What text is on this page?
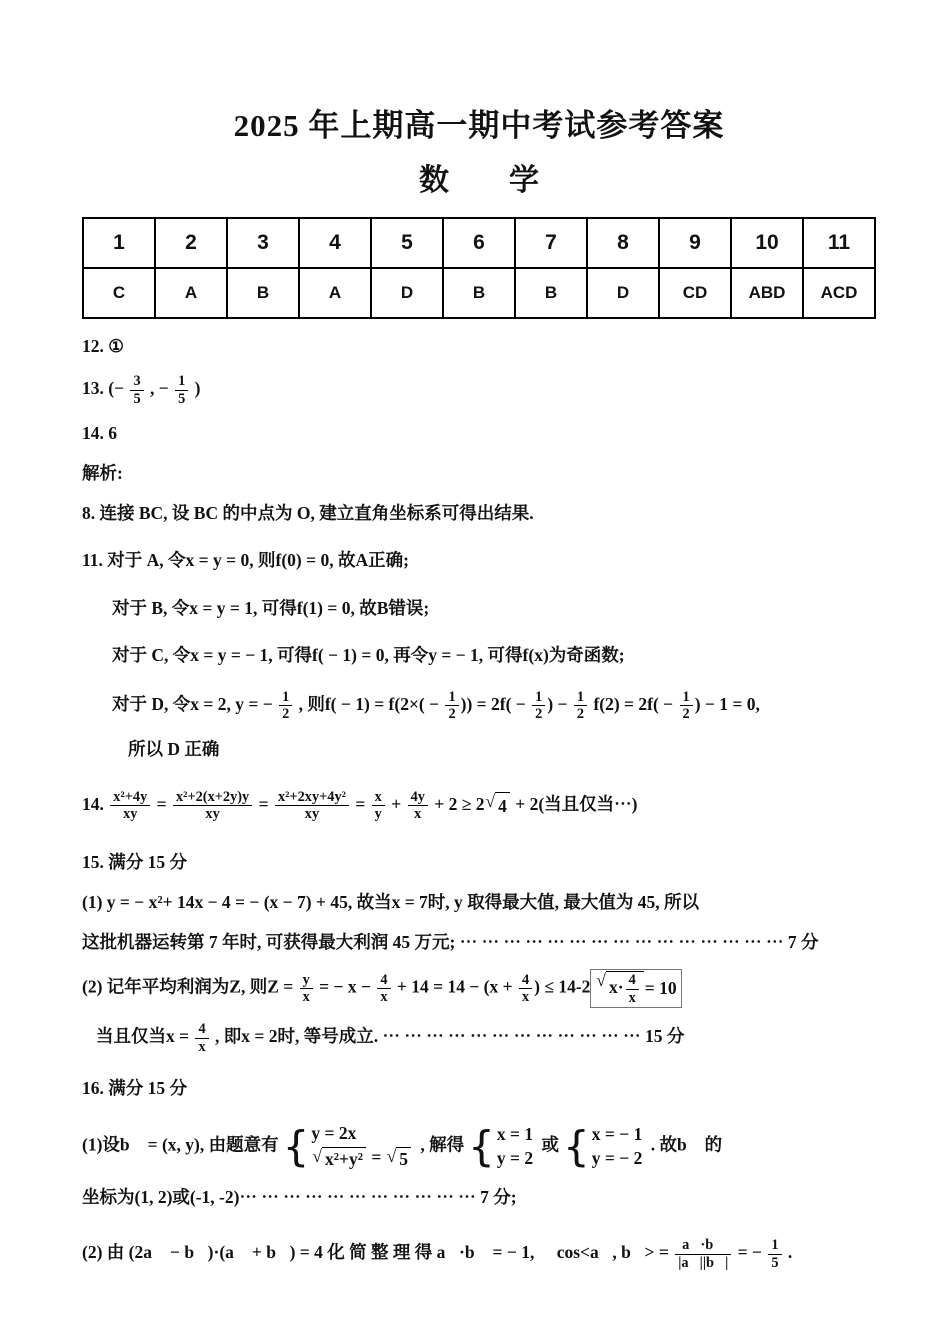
2025 年上期高一期中考试参考答案
数　　学
1	2	3	4	5	6	7	8	9	10	11
C	A	B	A	D	B	B	D	CD	ABD	ACD

12. ①

13. (− $\frac{3}{5}$ , − $\frac{1}{5}$ )

14. 6

解析:

8. 连接 BC, 设 BC 的中点为 O, 建立直角坐标系可得出结果.

11. 对于 A, 令x = y = 0, 则f(0) = 0, 故A正确;

对于 B, 令x = y = 1, 可得f(1) = 0, 故B错误;

对于 C, 令x = y = − 1, 可得f( − 1) = 0, 再令y = − 1, 可得f(x)为奇函数;

对于 D, 令x = 2, y = − $\frac{1}{2}$ , 则$f( - 1) = f(2\times( - \frac{1}{2}$ )) = $2f( - \frac{1}{2}$ ) − $\frac{1}{2} f(2) = 2f( - \frac{1}{2}$ ) − 1 = 0,

所以 D 正确

14. $\frac{\text{x²+4y}}{xy} = \frac{\text{x²+2(x+2y)y}}{xy} = \frac{\text{x²+2xy+4y²}}{xy} = \frac{x}{y} + \frac{4y}{x} + 2 \ge 2$ √ 4 + 2(当且仅当⋯)

15. 满分 15 分

(1) y = − x²+ 14x − 4 = − (x − 7) + 45, 故当x = 7时, y 取得最大值, 最大值为 45, 所以

这批机器运转第 7 年时, 可获得最大利润 45 万元; ⋯ ⋯ ⋯ ⋯ ⋯ ⋯ ⋯ ⋯ ⋯ ⋯ ⋯ ⋯ ⋯ ⋯ ⋯ 7 分

(2) 记年平均利润为Z, 则$Z = \frac{y}{x}$ = − $x - \frac{4}{x} + 14 = 14 - (x + \frac{4}{x}$ ) ≤ 14-2 √ $x\cdot \frac{4}{x} = 10$

当且仅当$x = \frac{4}{x}$ , 即x = 2时, 等号成立. ⋯ ⋯ ⋯ ⋯ ⋯ ⋯ ⋯ ⋯ ⋯ ⋯ ⋯ ⋯ 15 分

16. 满分 15 分

(1)设b⃗ = (x, y), 由题意有 { y = 2x
√ x²+y² = √ 5
, 解得 { x = 1
y = 2
或 { x = − 1
y = − 2
. 故b⃗ 的

坐标为(1, 2)或(-1, -2)⋯ ⋯ ⋯ ⋯ ⋯ ⋯ ⋯ ⋯ ⋯ ⋯ ⋯ 7 分;

(2) 由 (2a⃗ − b⃗)·(a⃗ + b⃗) = 4 化 简 整 理 得 a⃗·b⃗ = − 1, ∴ cos<a⃗, b⃗> = $\frac{a⃗\cdot b⃗}{|a⃗||b⃗|}$ = − $\frac{1}{5}$ .
